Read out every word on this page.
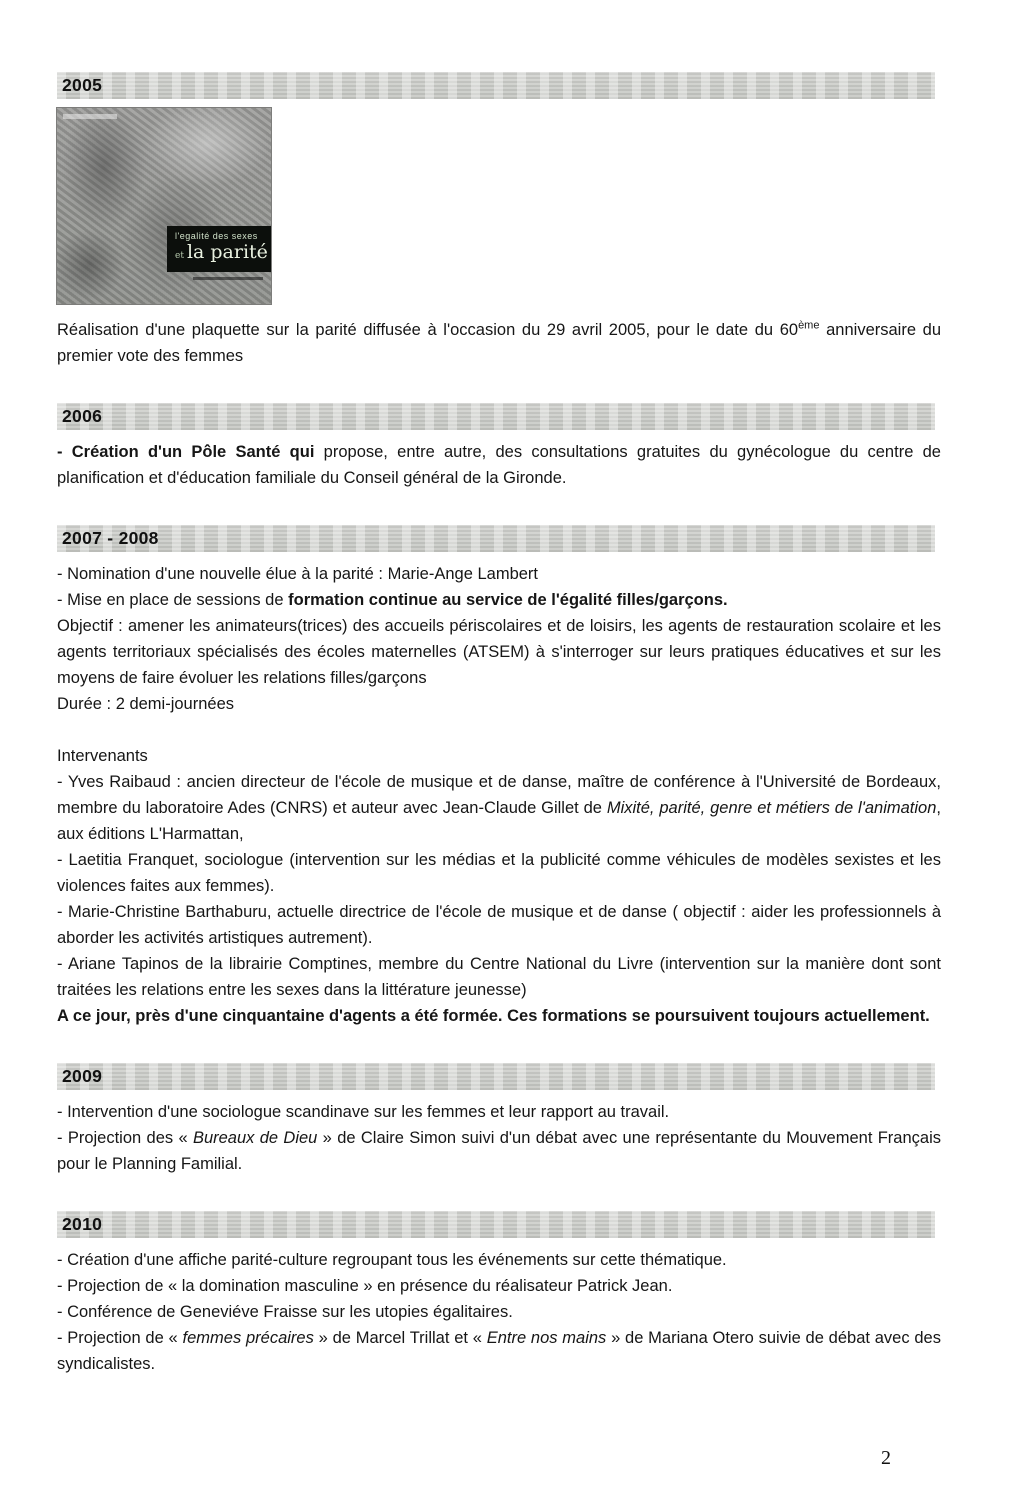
2005
l'egalité des sexes
et la parité

Réalisation d'une plaquette sur la parité diffusée à l'occasion du 29 avril 2005, pour le date du 60ème anniversaire du premier vote des femmes

2006

- Création d'un Pôle Santé qui propose, entre autre, des consultations gratuites du gynécologue du centre de planification et d'éducation familiale du Conseil général de la Gironde.

2007 - 2008

- Nomination d'une nouvelle élue à la parité : Marie-Ange Lambert

- Mise en place de sessions de formation continue au service de l'égalité filles/garçons.

Objectif : amener les animateurs(trices) des accueils périscolaires et de loisirs, les agents de restauration scolaire et les agents territoriaux spécialisés des écoles maternelles (ATSEM) à s'interroger sur leurs pratiques éducatives et sur les moyens de faire évoluer les relations filles/garçons

Durée : 2 demi-journées

Intervenants

- Yves Raibaud : ancien directeur de l'école de musique et de danse, maître de conférence à l'Université de Bordeaux, membre du laboratoire Ades (CNRS) et auteur avec Jean-Claude Gillet de Mixité, parité, genre et métiers de l'animation, aux éditions L'Harmattan,

- Laetitia Franquet, sociologue (intervention sur les médias et la publicité comme véhicules de modèles sexistes et les violences faites aux femmes).

- Marie-Christine Barthaburu, actuelle directrice de l'école de musique et de danse ( objectif : aider les professionnels à aborder les activités artistiques autrement).

- Ariane Tapinos de la librairie Comptines, membre du Centre National du Livre (intervention sur la manière dont sont traitées les relations entre les sexes dans la littérature jeunesse)

A ce jour, près d'une cinquantaine d'agents a été formée. Ces formations se poursuivent toujours actuellement.

2009

- Intervention d'une sociologue scandinave sur les femmes et leur rapport au travail.

- Projection des « Bureaux de Dieu » de Claire Simon suivi d'un débat avec une représentante du Mouvement Français pour le Planning Familial.

2010

- Création d'une affiche parité-culture regroupant tous les événements sur cette thématique.

- Projection de « la domination masculine » en présence du réalisateur Patrick Jean.

- Conférence de Geneviéve Fraisse sur les utopies égalitaires.

- Projection de « femmes précaires » de Marcel Trillat et « Entre nos mains » de Mariana Otero suivie de débat avec des syndicalistes.

2
